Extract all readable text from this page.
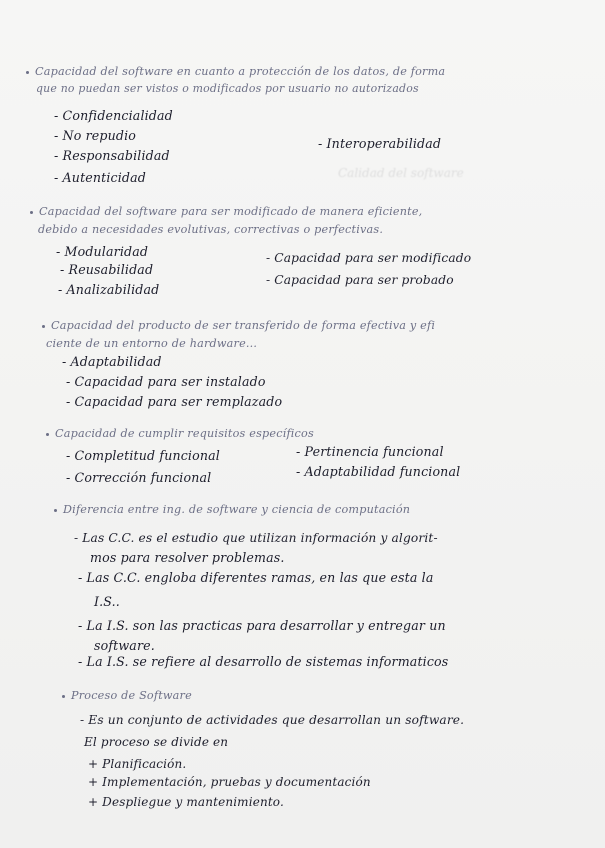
Calidad del software
Capacidad del software en cuanto a protección de los datos, de forma
que no puedan ser vistos o modificados por usuario no autorizados
- Confidencialidad
- No repudio
- Responsabilidad
- Autenticidad
- Interoperabilidad
Capacidad del software para ser modificado de manera eficiente,
debido a necesidades evolutivas, correctivas o perfectivas.
- Modularidad
- Reusabilidad
- Analizabilidad
- Capacidad para ser modificado
- Capacidad para ser probado
Capacidad del producto de ser transferido de forma efectiva y efi
ciente de un entorno de hardware...
- Adaptabilidad
- Capacidad para ser instalado
- Capacidad para ser remplazado
Capacidad de cumplir requisitos específicos
- Completitud funcional
- Corrección funcional
- Pertinencia funcional
- Adaptabilidad funcional
Diferencia entre ing. de software y ciencia de computación
- Las C.C. es el estudio que utilizan información y algorit-
mos para resolver problemas.
- Las C.C. engloba diferentes ramas, en las que esta la
I.S..
- La I.S. son las practicas para desarrollar y entregar un
software.
- La I.S. se refiere al desarrollo de sistemas informaticos
Proceso de Software
- Es un conjunto de actividades que desarrollan un software.
El proceso se divide en
+ Planificación.
+ Implementación, pruebas y documentación
+ Despliegue y mantenimiento.
